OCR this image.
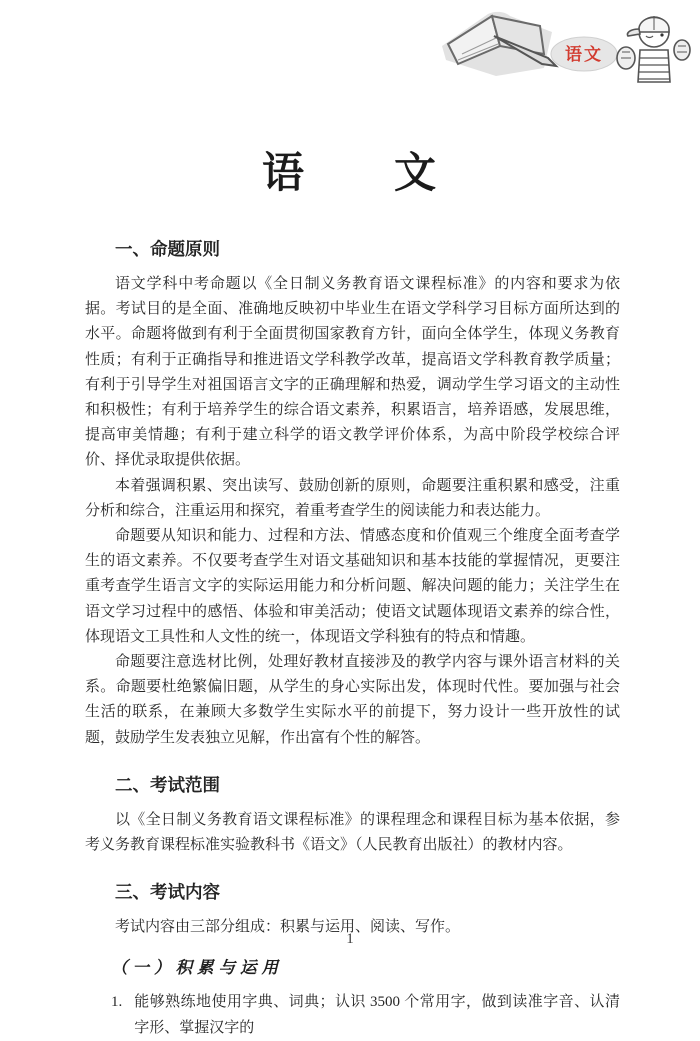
语文
语　　文
一、命题原则

语文学科中考命题以《全日制义务教育语文课程标准》的内容和要求为依据。考试目的是全面、准确地反映初中毕业生在语文学科学习目标方面所达到的水平。命题将做到有利于全面贯彻国家教育方针，面向全体学生，体现义务教育性质；有利于正确指导和推进语文学科教学改革，提高语文学科教育教学质量；有利于引导学生对祖国语言文字的正确理解和热爱，调动学生学习语文的主动性和积极性；有利于培养学生的综合语文素养，积累语言，培养语感，发展思维，提高审美情趣；有利于建立科学的语文教学评价体系，为高中阶段学校综合评价、择优录取提供依据。

本着强调积累、突出读写、鼓励创新的原则，命题要注重积累和感受，注重分析和综合，注重运用和探究，着重考查学生的阅读能力和表达能力。

命题要从知识和能力、过程和方法、情感态度和价值观三个维度全面考查学生的语文素养。不仅要考查学生对语文基础知识和基本技能的掌握情况，更要注重考查学生语言文字的实际运用能力和分析问题、解决问题的能力；关注学生在语文学习过程中的感悟、体验和审美活动；使语文试题体现语文素养的综合性，体现语文工具性和人文性的统一，体现语文学科独有的特点和情趣。

命题要注意选材比例，处理好教材直接涉及的教学内容与课外语言材料的关系。命题要杜绝繁偏旧题，从学生的身心实际出发，体现时代性。要加强与社会生活的联系，在兼顾大多数学生实际水平的前提下，努力设计一些开放性的试题，鼓励学生发表独立见解，作出富有个性的解答。

二、考试范围

以《全日制义务教育语文课程标准》的课程理念和课程目标为基本依据，参考义务教育课程标准实验教科书《语文》（人民教育出版社）的教材内容。

三、考试内容

考试内容由三部分组成：积累与运用、阅读、写作。

（一）积累与运用
1. 能够熟练地使用字典、词典；认识 3500 个常用字，做到读准字音、认清字形、掌握汉字的
1
